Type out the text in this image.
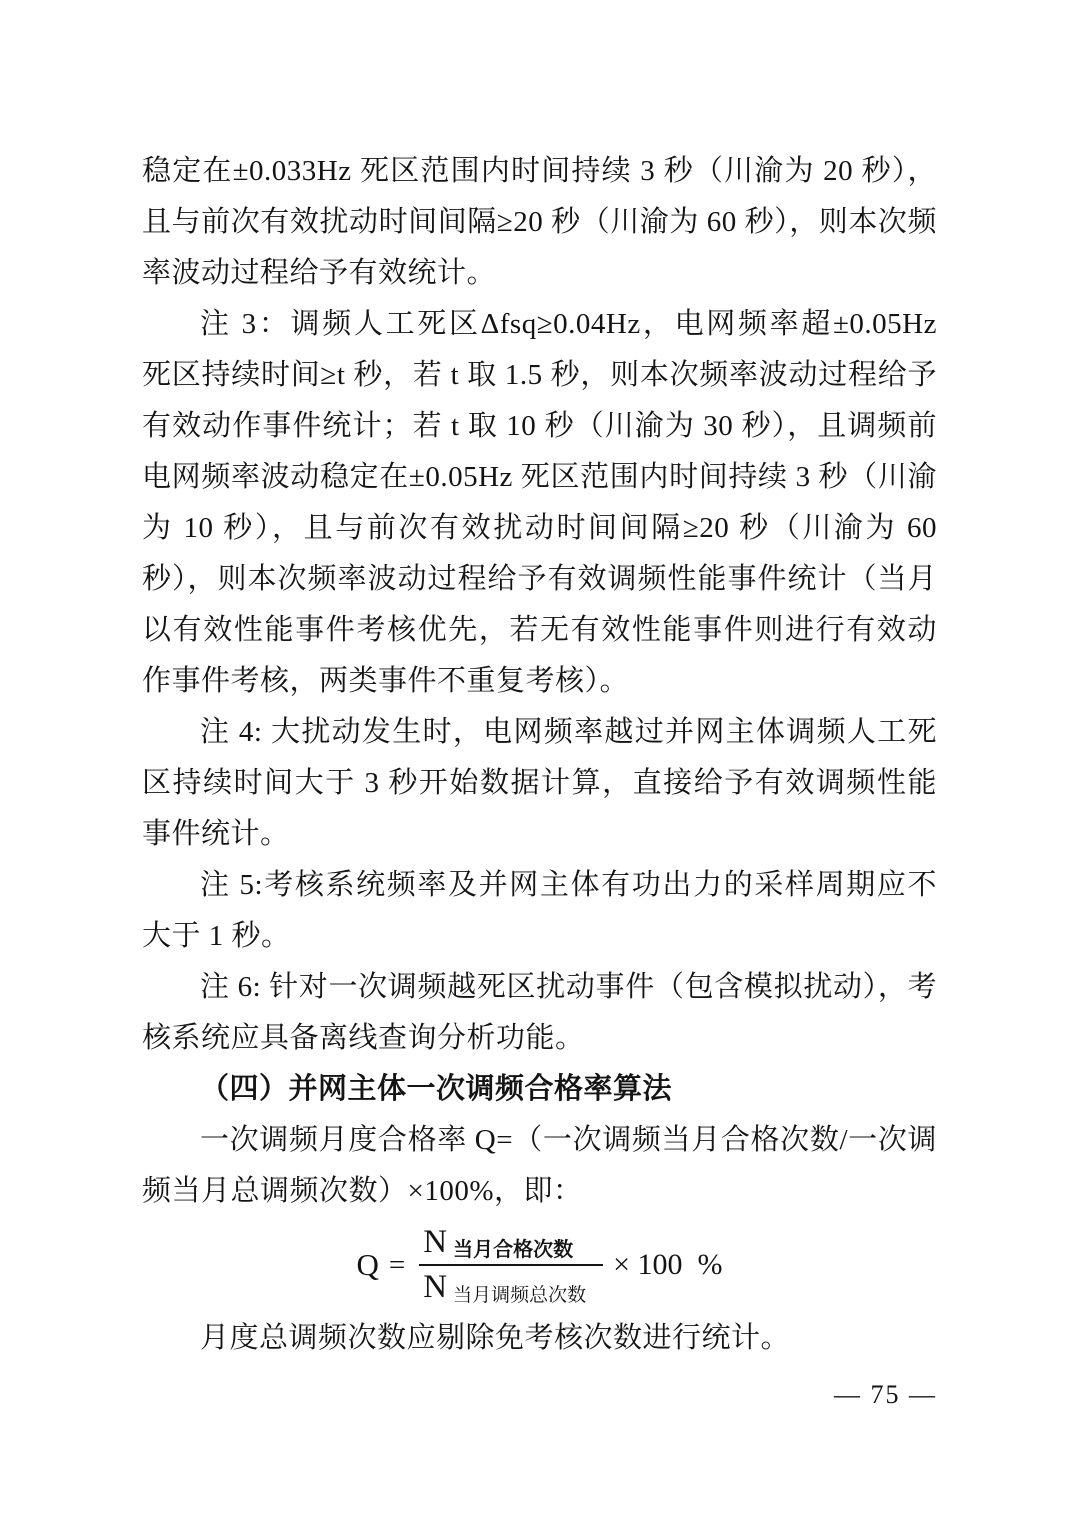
稳定在±0.033Hz 死区范围内时间持续 3 秒（川渝为 20 秒），且与前次有效扰动时间间隔≥20 秒（川渝为 60 秒），则本次频率波动过程给予有效统计。

注 3：调频人工死区Δfsq≥0.04Hz，电网频率超±0.05Hz 死区持续时间≥t 秒，若 t 取 1.5 秒，则本次频率波动过程给予有效动作事件统计；若 t 取 10 秒（川渝为 30 秒），且调频前电网频率波动稳定在±0.05Hz 死区范围内时间持续 3 秒（川渝为 10 秒），且与前次有效扰动时间间隔≥20 秒（川渝为 60 秒），则本次频率波动过程给予有效调频性能事件统计（当月以有效性能事件考核优先，若无有效性能事件则进行有效动作事件考核，两类事件不重复考核）。

注 4: 大扰动发生时，电网频率越过并网主体调频人工死区持续时间大于 3 秒开始数据计算，直接给予有效调频性能事件统计。

注 5:考核系统频率及并网主体有功出力的采样周期应不大于 1 秒。

注 6: 针对一次调频越死区扰动事件（包含模拟扰动），考核系统应具备离线查询分析功能。

（四）并网主体一次调频合格率算法

一次调频月度合格率 Q=（一次调频当月合格次数/一次调频当月总调频次数）×100%，即：

$Q = \frac{\text{N 当月合格次数}}{\text{N 当月调频总次数}} \times 100$  %

月度总调频次数应剔除免考核次数进行统计。

— 75 —
